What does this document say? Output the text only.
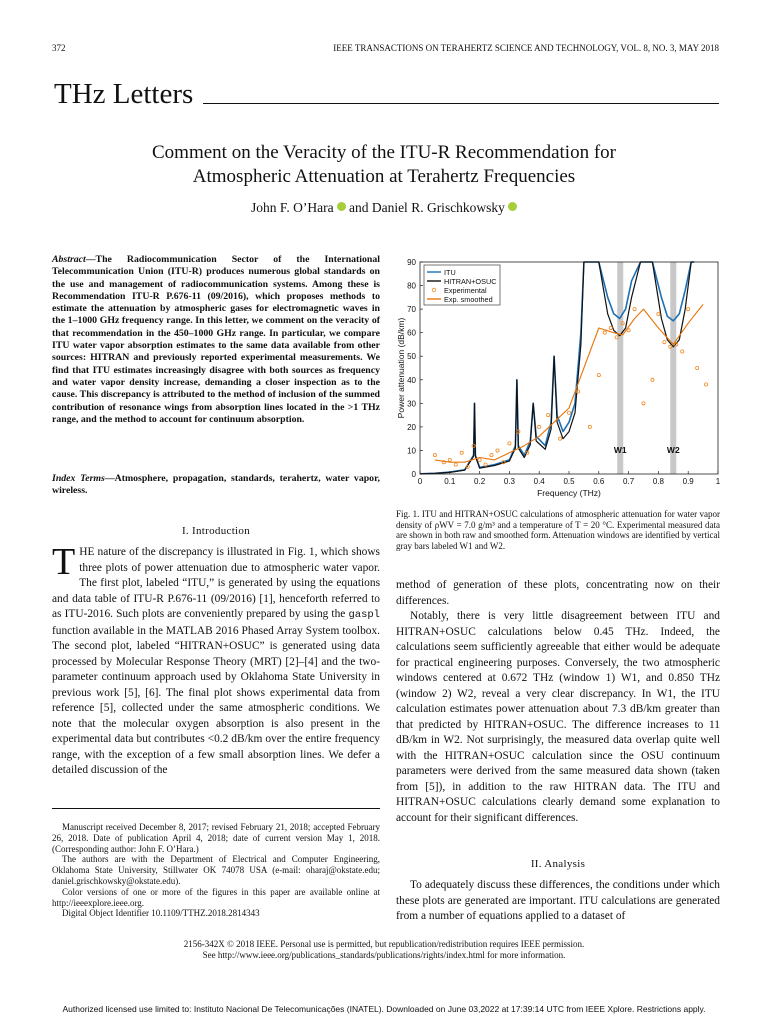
372	IEEE TRANSACTIONS ON TERAHERTZ SCIENCE AND TECHNOLOGY, VOL. 8, NO. 3, MAY 2018
THz Letters
Comment on the Veracity of the ITU-R Recommendation for
Atmospheric Attenuation at Terahertz Frequencies
John F. O’Hara and Daniel R. Grischkowsky
Abstract—The Radiocommunication Sector of the International Telecommunication Union (ITU-R) produces numerous global standards on the use and management of radiocommunication systems. Among these is Recommendation ITU-R P.676-11 (09/2016), which proposes methods to estimate the attenuation by atmospheric gases for electromagnetic waves in the 1–1000 GHz frequency range. In this letter, we comment on the veracity of that recommendation in the 450–1000 GHz range. In particular, we compare ITU water vapor absorption estimates to the same data available from other sources: HITRAN and previously reported experimental measurements. We find that ITU estimates increasingly disagree with both sources as frequency and water vapor density increase, demanding a closer inspection as to the cause. This discrepancy is attributed to the method of inclusion of the summed contribution of resonance wings from absorption lines located in the >1 THz range, and the method to account for continuum absorption.
Index Terms—Atmosphere, propagation, standards, terahertz, water vapor, wireless.
I. Introduction
THE nature of the discrepancy is illustrated in Fig. 1, which shows three plots of power attenuation due to atmospheric water vapor. The first plot, labeled “ITU,” is generated by using the equations and data table of ITU-R P.676-11 (09/2016) [1], henceforth referred to as ITU-2016. Such plots are conveniently prepared by using the gaspl function available in the MATLAB 2016 Phased Array System toolbox. The second plot, labeled “HITRAN+OSUC” is generated using data processed by Molecular Response Theory (MRT) [2]–[4] and the two-parameter continuum approach used by Oklahoma State University in previous work [5], [6]. The final plot shows experimental data from reference [5], collected under the same atmospheric conditions. We note that the molecular oxygen absorption is also present in the experimental data but contributes <0.2 dB/km over the entire frequency range, with the exception of a few small absorption lines. We defer a detailed discussion of the

Manuscript received December 8, 2017; revised February 21, 2018; accepted February 26, 2018. Date of publication April 4, 2018; date of current version May 1, 2018. (Corresponding author: John F. O’Hara.)

The authors are with the Department of Electrical and Computer Engineering, Oklahoma State University, Stillwater OK 74078 USA (e-mail: oharaj@okstate.edu; daniel.grischkowsky@okstate.edu).

Color versions of one or more of the figures in this paper are available online at http://ieeexplore.ieee.org.

Digital Object Identifier 10.1109/TTHZ.2018.2814343

0	0.1 0.2 0.3 0.4 0.5 0.6 0.7 0.8 0.9	1
0
10
20
30
40
50
60
70
80
90
W1	W2
Frequency (THz)
Power attenuation (dB/km)
ITU
HITRAN+OSUC
Experimental
Exp. smoothed
Fig. 1. ITU and HITRAN+OSUC calculations of atmospheric attenuation for water vapor density of ρWV = 7.0 g/m³ and a temperature of T = 20 °C. Experimental measured data are shown in both raw and smoothed form. Attenuation windows are identified by vertical gray bars labeled W1 and W2.
method of generation of these plots, concentrating now on their differences.
Notably, there is very little disagreement between ITU and HITRAN+OSUC calculations below 0.45 THz. Indeed, the calculations seem sufficiently agreeable that either would be adequate for practical engineering purposes. Conversely, the two atmospheric windows centered at 0.672 THz (window 1) W1, and 0.850 THz (window 2) W2, reveal a very clear discrepancy. In W1, the ITU calculation estimates power attenuation about 7.3 dB/km greater than that predicted by HITRAN+OSUC. The difference increases to 11 dB/km in W2. Not surprisingly, the measured data overlap quite well with the HITRAN+OSUC calculation since the OSU continuum parameters were derived from the same measured data shown (taken from [5]), in addition to the raw HITRAN data. The ITU and HITRAN+OSUC calculations clearly demand some explanation to account for their significant differences.
II. Analysis
To adequately discuss these differences, the conditions under which these plots are generated are important. ITU calculations are generated from a number of equations applied to a dataset of
2156-342X © 2018 IEEE. Personal use is permitted, but republication/redistribution requires IEEE permission.
See http://www.ieee.org/publications_standards/publications/rights/index.html for more information.
Authorized licensed use limited to: Instituto Nacional De Telecomunicações (INATEL). Downloaded on June 03,2022 at 17:39:14 UTC from IEEE Xplore. Restrictions apply.
